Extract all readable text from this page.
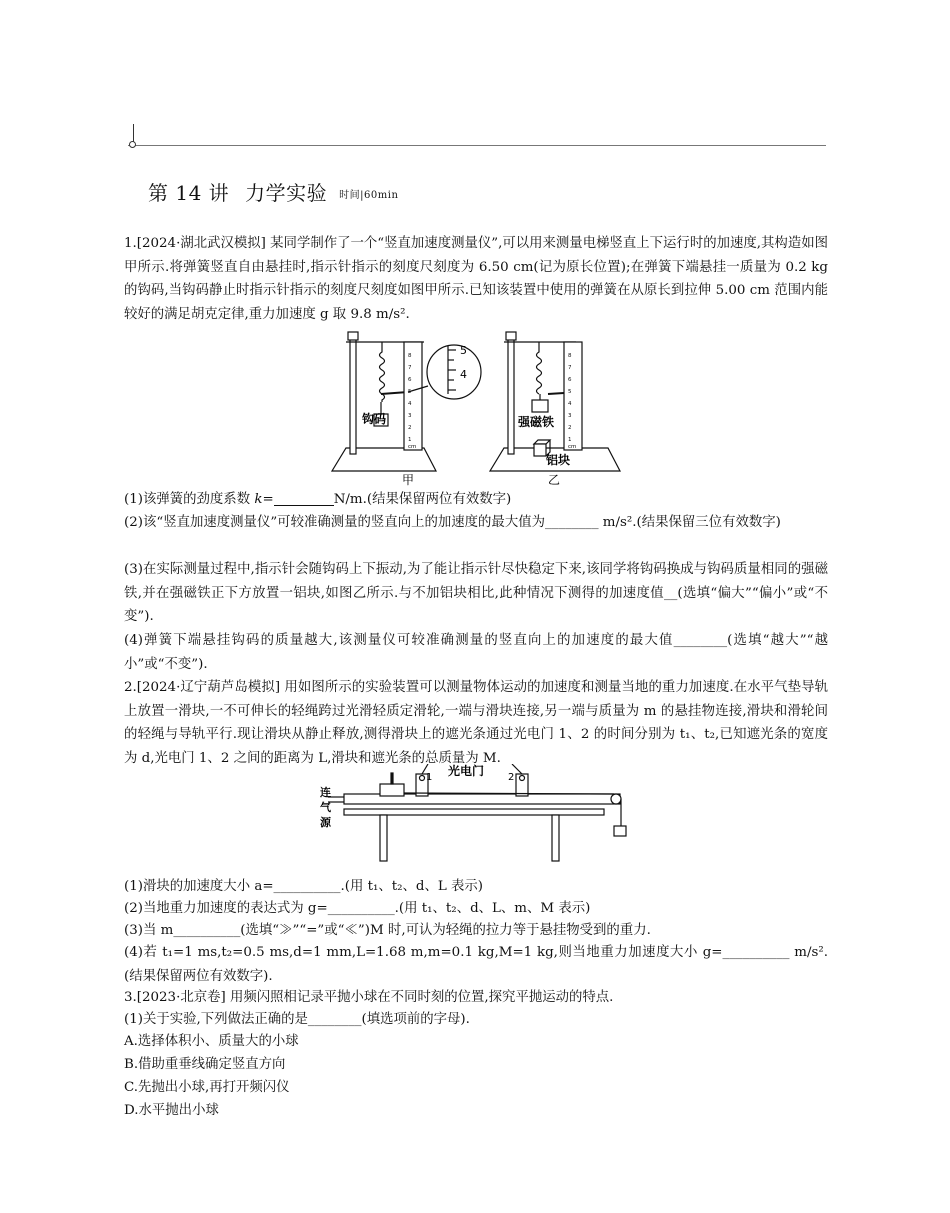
第 14 讲 力学实验 时间|60min
1.[2024·湖北武汉模拟] 某同学制作了一个“竖直加速度测量仪”,可以用来测量电梯竖直上下运行时的加速度,其构造如图甲所示.将弹簧竖直自由悬挂时,指示针指示的刻度尺刻度为 6.50 cm(记为原长位置);在弹簧下端悬挂一质量为 0.2 kg 的钩码,当钩码静止时指示针指示的刻度尺刻度如图甲所示.已知该装置中使用的弹簧在从原长到拉伸 5.00 cm 范围内能较好的满足胡克定律,重力加速度 g 取 9.8 m/s².
8
7
6
5
4
3
2
1
cm
8
7
6
5
4
3
2
1
cm
5
4
钩码	强磁铁
铝块
甲	乙
(1)该弹簧的劲度系数 k=	N/m.(结果保留两位有效数字)
(2)该“竖直加速度测量仪”可较准确测量的竖直向上的加速度的最大值为________ m/s².(结果保留三位有效数字)
(3)在实际测量过程中,指示针会随钩码上下振动,为了能让指示针尽快稳定下来,该同学将钩码换成与钩码质量相同的强磁铁,并在强磁铁正下方放置一铝块,如图乙所示.与不加铝块相比,此种情况下测得的加速度值__(选填“偏大”“偏小”或“不变”).
(4)弹簧下端悬挂钩码的质量越大,该测量仪可较准确测量的竖直向上的加速度的最大值________(选填“越大”“越小”或“不变”).
2.[2024·辽宁葫芦岛模拟] 用如图所示的实验装置可以测量物体运动的加速度和测量当地的重力加速度.在水平气垫导轨上放置一滑块,一不可伸长的轻绳跨过光滑轻质定滑轮,一端与滑块连接,另一端与质量为 m 的悬挂物连接,滑块和滑轮间的轻绳与导轨平行.现让滑块从静止释放,测得滑块上的遮光条通过光电门 1、2 的时间分别为 t₁、t₂,已知遮光条的宽度为 d,光电门 1、2 之间的距离为 L,滑块和遮光条的总质量为 M.
光电门
1	2
连
气
源
(1)滑块的加速度大小 a=__________.(用 t₁、t₂、d、L 表示)
(2)当地重力加速度的表达式为 g=__________.(用 t₁、t₂、d、L、m、M 表示)
(3)当 m__________(选填“≫”“=”或“≪”)M 时,可认为轻绳的拉力等于悬挂物受到的重力.
(4)若 t₁=1 ms,t₂=0.5 ms,d=1 mm,L=1.68 m,m=0.1 kg,M=1 kg,则当地重力加速度大小 g=__________ m/s².(结果保留两位有效数字).
3.[2023·北京卷] 用频闪照相记录平抛小球在不同时刻的位置,探究平抛运动的特点.
(1)关于实验,下列做法正确的是________(填选项前的字母).
A.选择体积小、质量大的小球
B.借助重垂线确定竖直方向
C.先抛出小球,再打开频闪仪
D.水平抛出小球
